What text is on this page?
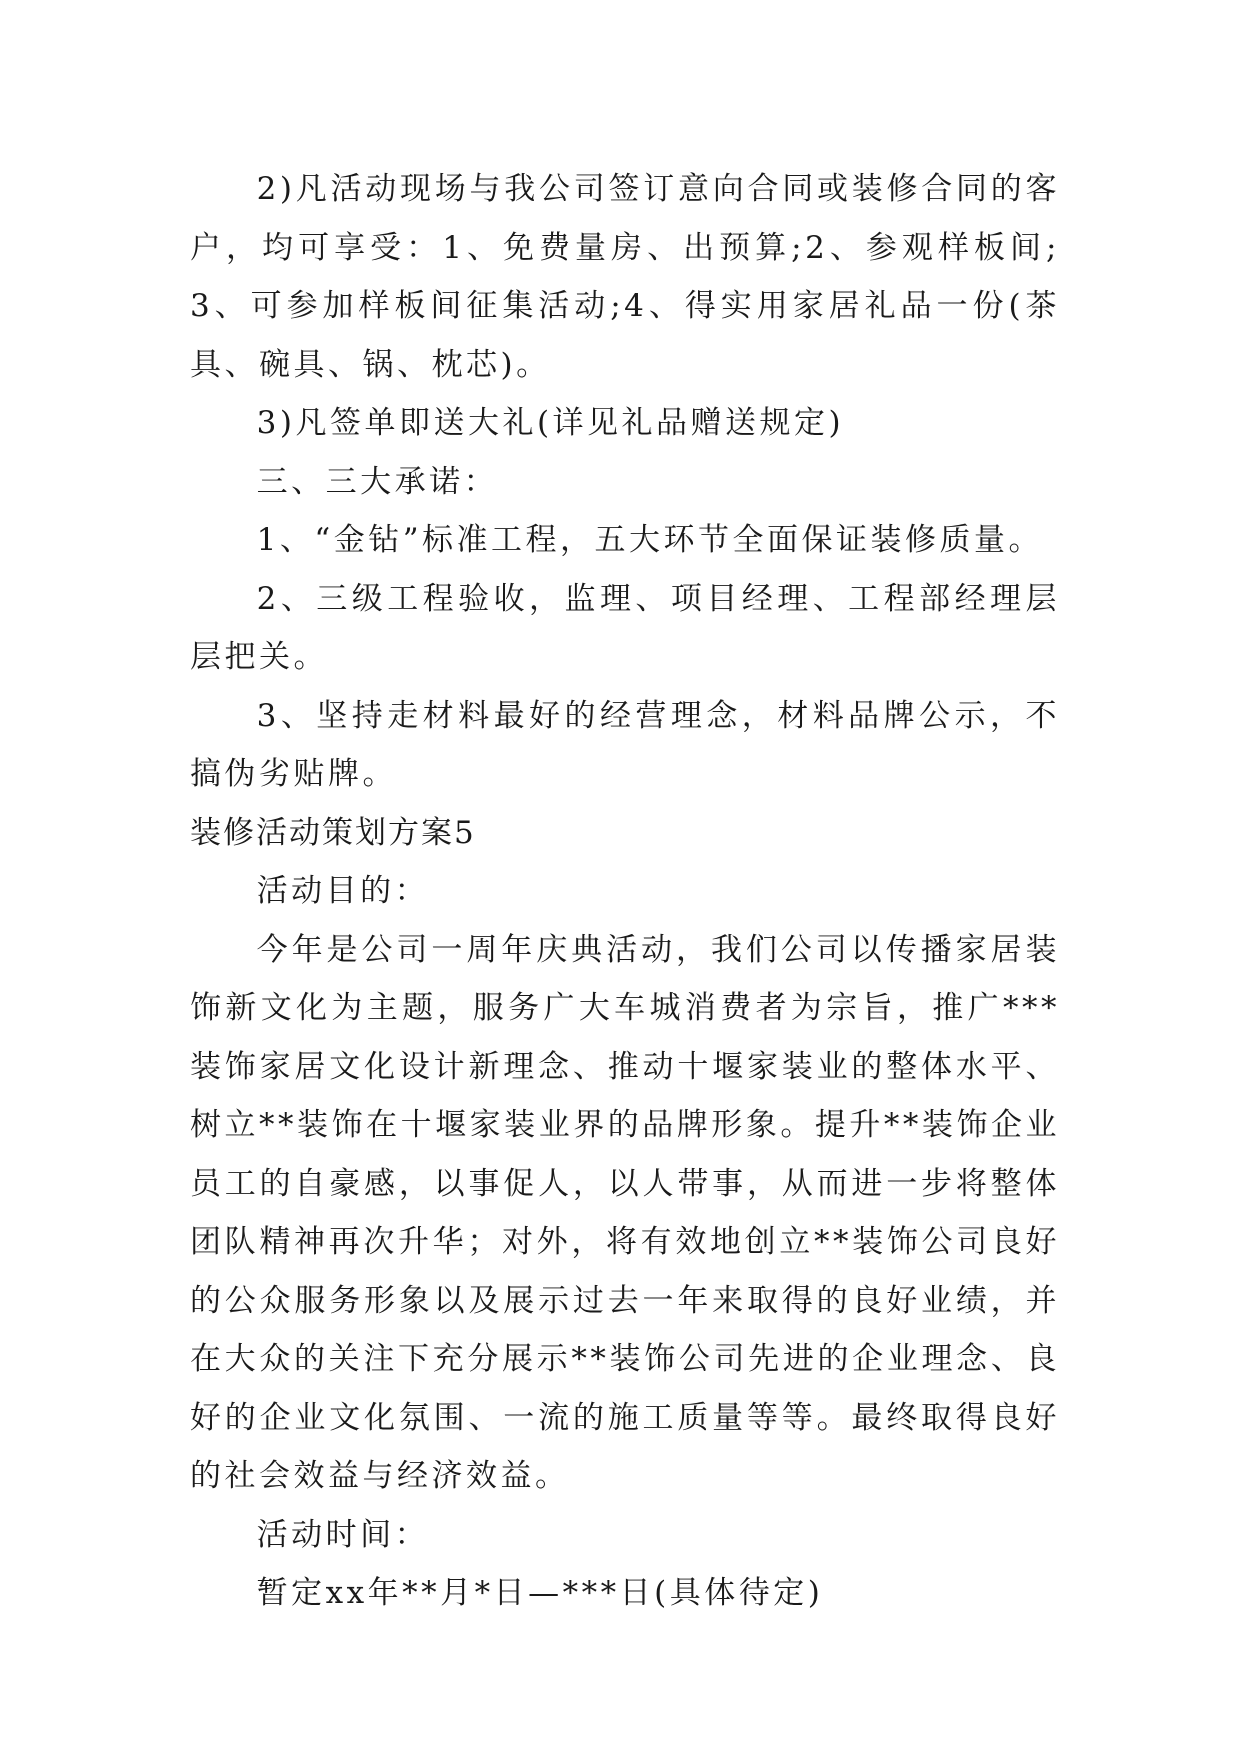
2)凡活动现场与我公司签订意向合同或装修合同的客户，均可享受：1、免费量房、出预算;2、参观样板间;3、可参加样板间征集活动;4、得实用家居礼品一份(茶具、碗具、锅、枕芯)。

3)凡签单即送大礼(详见礼品赠送规定)

三、三大承诺：

1、“金钻”标准工程，五大环节全面保证装修质量。

2、三级工程验收，监理、项目经理、工程部经理层层把关。

3、坚持走材料最好的经营理念，材料品牌公示，不搞伪劣贴牌。

装修活动策划方案5

活动目的：

今年是公司一周年庆典活动，我们公司以传播家居装饰新文化为主题，服务广大车城消费者为宗旨，推广***装饰家居文化设计新理念、推动十堰家装业的整体水平、树立**装饰在十堰家装业界的品牌形象。提升**装饰企业员工的自豪感，以事促人，以人带事，从而进一步将整体团队精神再次升华；对外，将有效地创立**装饰公司良好的公众服务形象以及展示过去一年来取得的良好业绩，并在大众的关注下充分展示**装饰公司先进的企业理念、良好的企业文化氛围、一流的施工质量等等。最终取得良好的社会效益与经济效益。

活动时间：

暂定xx年**月*日—***日(具体待定)
